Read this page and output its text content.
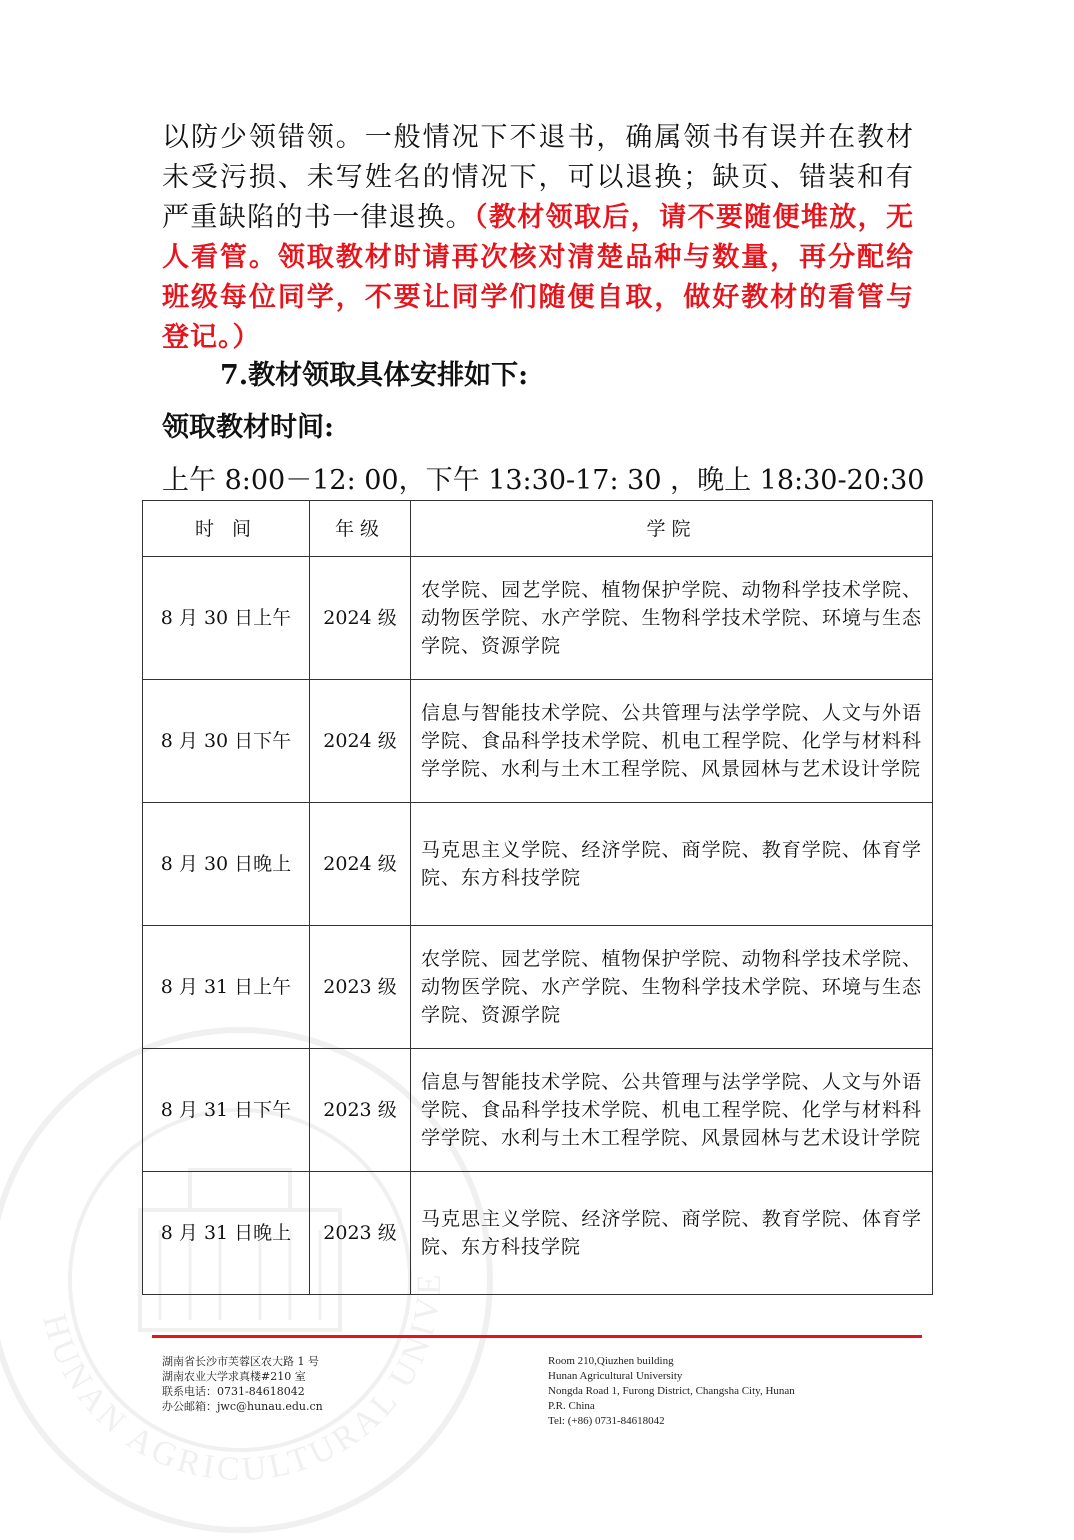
HUNAN AGRICULTURAL UNIVE
以防少领错领。一般情况下不退书，确属领书有误并在教材未受污损、未写姓名的情况下，可以退换；缺页、错装和有严重缺陷的书一律退换。（教材领取后，请不要随便堆放，无人看管。领取教材时请再次核对清楚品种与数量，再分配给班级每位同学，不要让同学们随便自取，做好教材的看管与登记。）
7.教材领取具体安排如下:
领取教材时间:
上午 8:00－12: 00，下午 13:30-17: 30 ，晚上 18:30-20:30
时 间	年级	学院
8 月 30 日上午	2024 级	农学院、园艺学院、植物保护学院、动物科学技术学院、动物医学院、水产学院、生物科学技术学院、环境与生态学院、资源学院
8 月 30 日下午	2024 级	信息与智能技术学院、公共管理与法学学院、人文与外语学院、食品科学技术学院、机电工程学院、化学与材料科学学院、水利与土木工程学院、风景园林与艺术设计学院
8 月 30 日晚上	2024 级	马克思主义学院、经济学院、商学院、教育学院、体育学院、东方科技学院
8 月 31 日上午	2023 级	农学院、园艺学院、植物保护学院、动物科学技术学院、动物医学院、水产学院、生物科学技术学院、环境与生态学院、资源学院
8 月 31 日下午	2023 级	信息与智能技术学院、公共管理与法学学院、人文与外语学院、食品科学技术学院、机电工程学院、化学与材料科学学院、水利与土木工程学院、风景园林与艺术设计学院
8 月 31 日晚上	2023 级	马克思主义学院、经济学院、商学院、教育学院、体育学院、东方科技学院
湖南省长沙市芙蓉区农大路 1 号
湖南农业大学求真楼#210 室
联系电话：0731-84618042
办公邮箱：jwc@hunau.edu.cn
Room 210,Qiuzhen building
Hunan Agricultural University
Nongda Road 1, Furong District, Changsha City, Hunan
P.R. China
Tel: (+86) 0731-84618042
